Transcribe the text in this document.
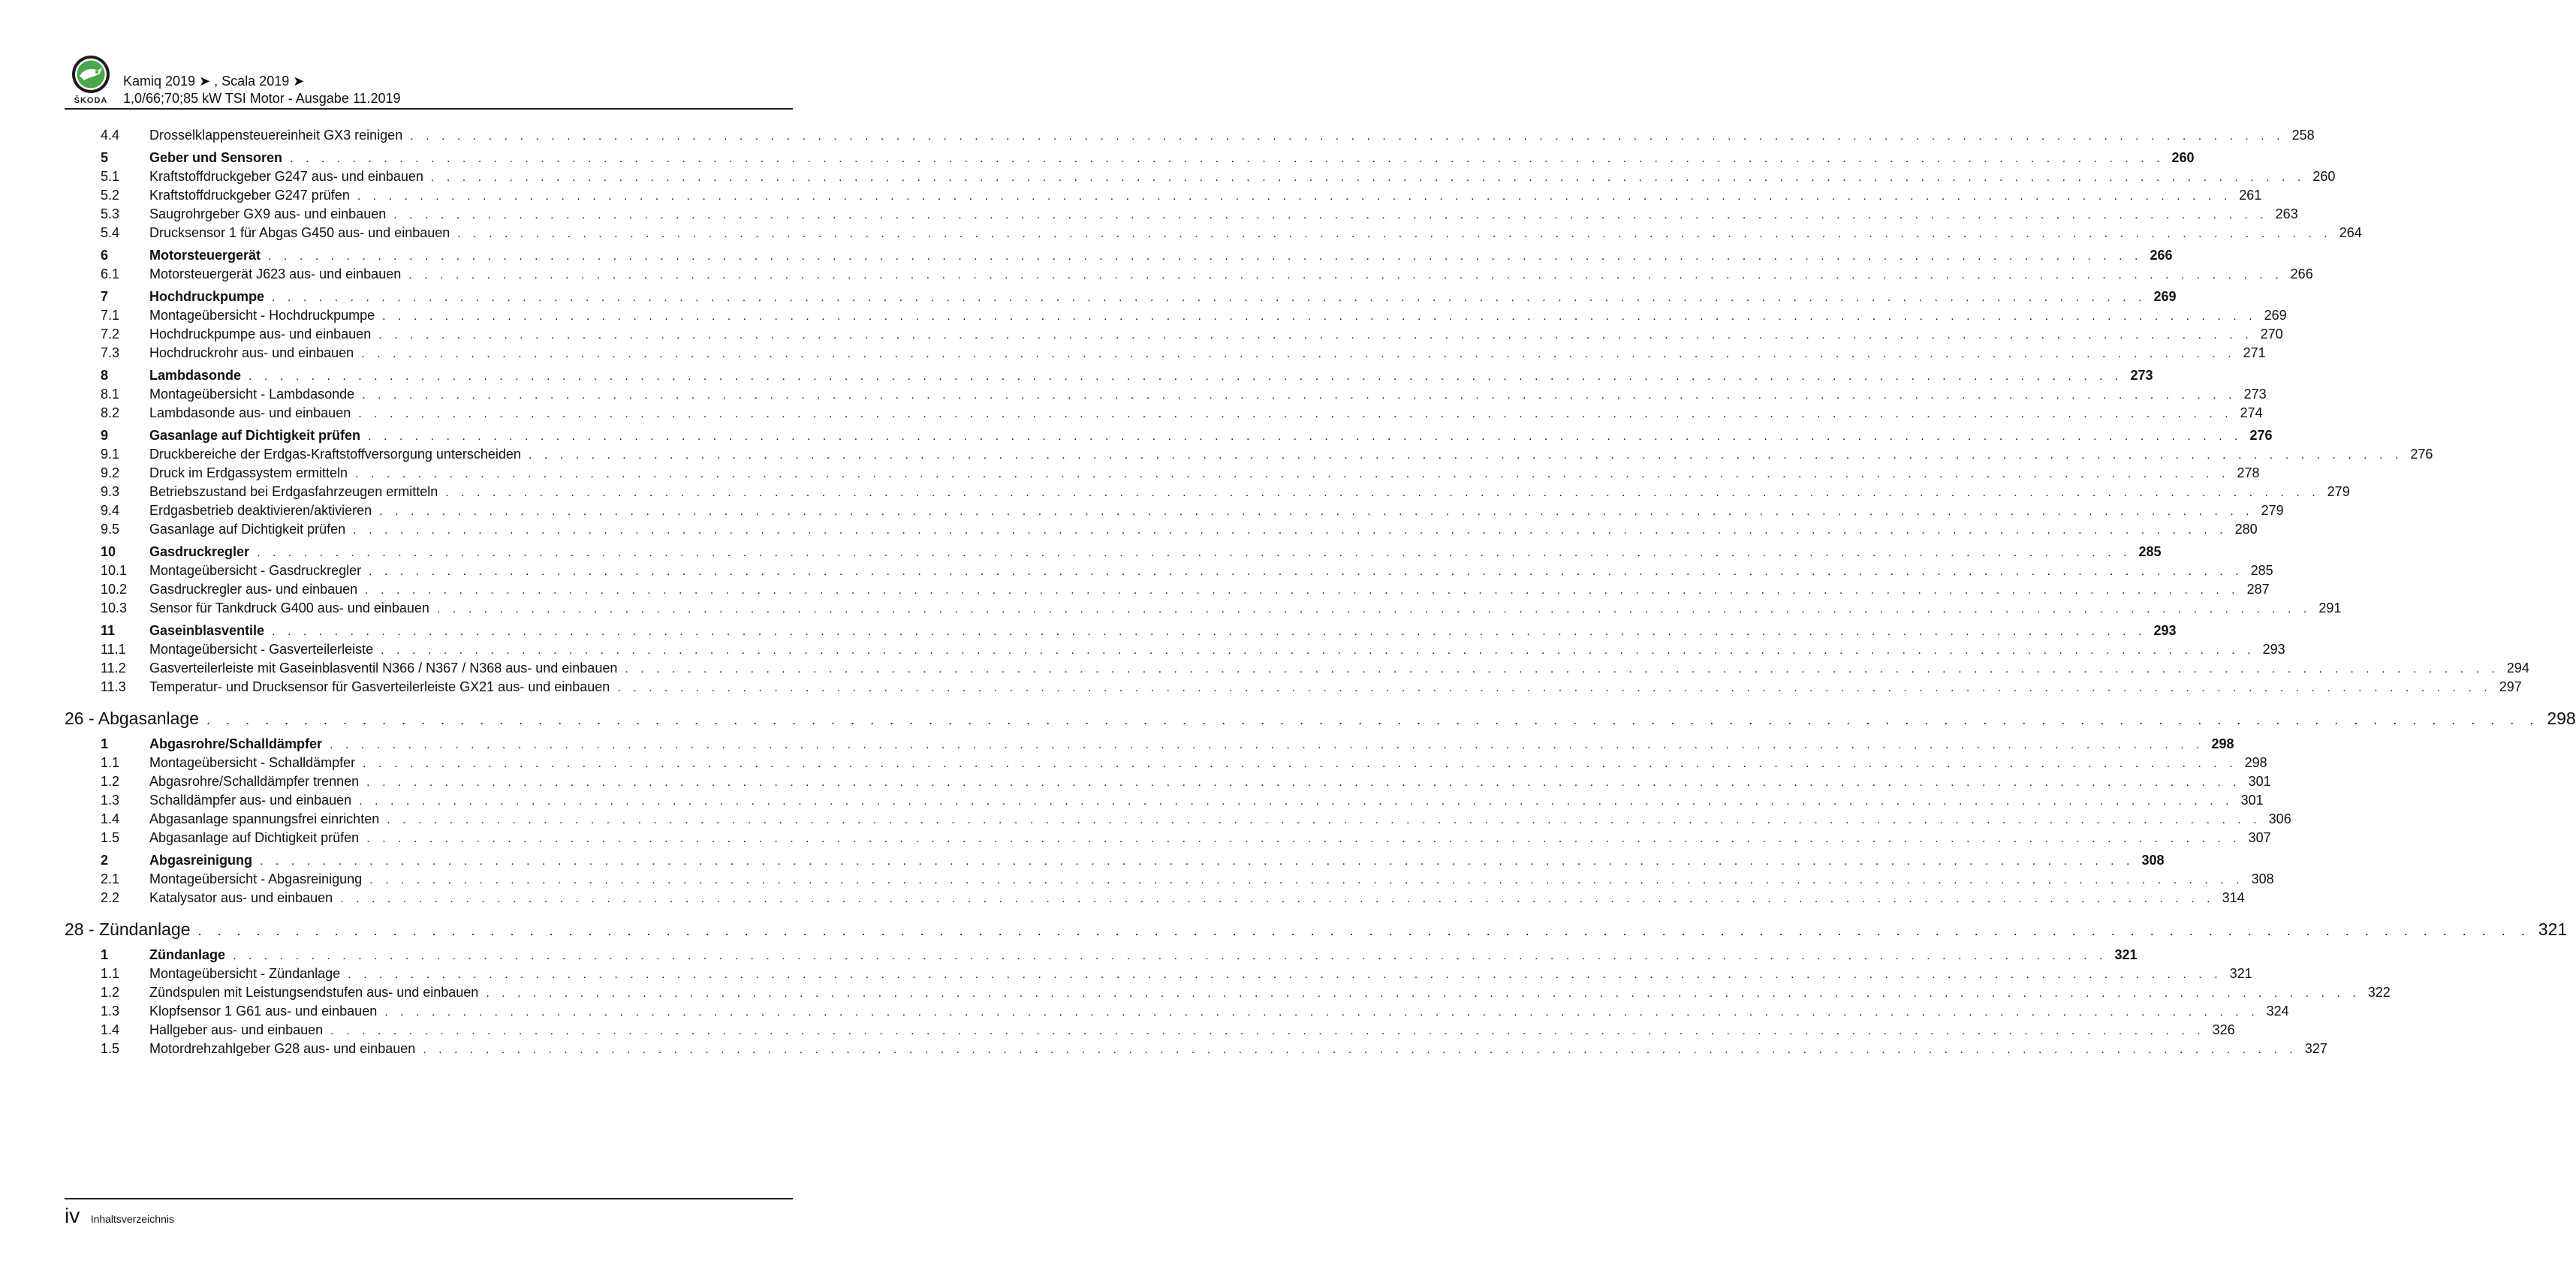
ŠKODA
Kamiq 2019 ➤ , Scala 2019 ➤
1,0/66;70;85 kW TSI Motor - Ausgabe 11.2019
4.4 Drosselklappensteuereinheit GX3 reinigen . . . . . . . . . . . . . . . . . . . . . . . . . . . . . . . . . . . . . . . . . . . . . . . . . . . . . . . . . . . . . . . . . . . . . . . . . . . . . . . . . . . . . . . . . . . . . . . . . . . . . . . . . . . . . . . . . . . . . . . . 258
5	Geber und Sensoren . . . . . . . . . . . . . . . . . . . . . . . . . . . . . . . . . . . . . . . . . . . . . . . . . . . . . . . . . . . . . . . . . . . . . . . . . . . . . . . . . . . . . . . . . . . . . . . . . . . . . . . . . . . . . . . . . . . . . . . . 260
5.1 Kraftstoffdruckgeber G247 aus- und einbauen . . . . . . . . . . . . . . . . . . . . . . . . . . . . . . . . . . . . . . . . . . . . . . . . . . . . . . . . . . . . . . . . . . . . . . . . . . . . . . . . . . . . . . . . . . . . . . . . . . . . . . . . . . . . . . . . . . . . . . . . 260
5.2 Kraftstoffdruckgeber G247 prüfen . . . . . . . . . . . . . . . . . . . . . . . . . . . . . . . . . . . . . . . . . . . . . . . . . . . . . . . . . . . . . . . . . . . . . . . . . . . . . . . . . . . . . . . . . . . . . . . . . . . . . . . . . . . . . . . . . . . . . . . . 261
5.3 Saugrohrgeber GX9 aus- und einbauen . . . . . . . . . . . . . . . . . . . . . . . . . . . . . . . . . . . . . . . . . . . . . . . . . . . . . . . . . . . . . . . . . . . . . . . . . . . . . . . . . . . . . . . . . . . . . . . . . . . . . . . . . . . . . . . . . . . . . . . . 263
5.4 Drucksensor 1 für Abgas G450 aus- und einbauen . . . . . . . . . . . . . . . . . . . . . . . . . . . . . . . . . . . . . . . . . . . . . . . . . . . . . . . . . . . . . . . . . . . . . . . . . . . . . . . . . . . . . . . . . . . . . . . . . . . . . . . . . . . . . . . . . . . . . . . . 264
6	Motorsteuergerät . . . . . . . . . . . . . . . . . . . . . . . . . . . . . . . . . . . . . . . . . . . . . . . . . . . . . . . . . . . . . . . . . . . . . . . . . . . . . . . . . . . . . . . . . . . . . . . . . . . . . . . . . . . . . . . . . . . . . . . . 266
6.1 Motorsteuergerät J623 aus- und einbauen . . . . . . . . . . . . . . . . . . . . . . . . . . . . . . . . . . . . . . . . . . . . . . . . . . . . . . . . . . . . . . . . . . . . . . . . . . . . . . . . . . . . . . . . . . . . . . . . . . . . . . . . . . . . . . . . . . . . . . . . 266
7	Hochdruckpumpe . . . . . . . . . . . . . . . . . . . . . . . . . . . . . . . . . . . . . . . . . . . . . . . . . . . . . . . . . . . . . . . . . . . . . . . . . . . . . . . . . . . . . . . . . . . . . . . . . . . . . . . . . . . . . . . . . . . . . . . . 269
7.1 Montageübersicht - Hochdruckpumpe . . . . . . . . . . . . . . . . . . . . . . . . . . . . . . . . . . . . . . . . . . . . . . . . . . . . . . . . . . . . . . . . . . . . . . . . . . . . . . . . . . . . . . . . . . . . . . . . . . . . . . . . . . . . . . . . . . . . . . . . 269
7.2 Hochdruckpumpe aus- und einbauen . . . . . . . . . . . . . . . . . . . . . . . . . . . . . . . . . . . . . . . . . . . . . . . . . . . . . . . . . . . . . . . . . . . . . . . . . . . . . . . . . . . . . . . . . . . . . . . . . . . . . . . . . . . . . . . . . . . . . . . . 270
7.3 Hochdruckrohr aus- und einbauen . . . . . . . . . . . . . . . . . . . . . . . . . . . . . . . . . . . . . . . . . . . . . . . . . . . . . . . . . . . . . . . . . . . . . . . . . . . . . . . . . . . . . . . . . . . . . . . . . . . . . . . . . . . . . . . . . . . . . . . . 271
8	Lambdasonde . . . . . . . . . . . . . . . . . . . . . . . . . . . . . . . . . . . . . . . . . . . . . . . . . . . . . . . . . . . . . . . . . . . . . . . . . . . . . . . . . . . . . . . . . . . . . . . . . . . . . . . . . . . . . . . . . . . . . . . . 273
8.1 Montageübersicht - Lambdasonde . . . . . . . . . . . . . . . . . . . . . . . . . . . . . . . . . . . . . . . . . . . . . . . . . . . . . . . . . . . . . . . . . . . . . . . . . . . . . . . . . . . . . . . . . . . . . . . . . . . . . . . . . . . . . . . . . . . . . . . . 273
8.2 Lambdasonde aus- und einbauen . . . . . . . . . . . . . . . . . . . . . . . . . . . . . . . . . . . . . . . . . . . . . . . . . . . . . . . . . . . . . . . . . . . . . . . . . . . . . . . . . . . . . . . . . . . . . . . . . . . . . . . . . . . . . . . . . . . . . . . . 274
9	Gasanlage auf Dichtigkeit prüfen . . . . . . . . . . . . . . . . . . . . . . . . . . . . . . . . . . . . . . . . . . . . . . . . . . . . . . . . . . . . . . . . . . . . . . . . . . . . . . . . . . . . . . . . . . . . . . . . . . . . . . . . . . . . . . . . . . . . . . . . 276
9.1 Druckbereiche der Erdgas-Kraftstoffversorgung unterscheiden . . . . . . . . . . . . . . . . . . . . . . . . . . . . . . . . . . . . . . . . . . . . . . . . . . . . . . . . . . . . . . . . . . . . . . . . . . . . . . . . . . . . . . . . . . . . . . . . . . . . . . . . . . . . . . . . . . . . . . . . 276
9.2 Druck im Erdgassystem ermitteln . . . . . . . . . . . . . . . . . . . . . . . . . . . . . . . . . . . . . . . . . . . . . . . . . . . . . . . . . . . . . . . . . . . . . . . . . . . . . . . . . . . . . . . . . . . . . . . . . . . . . . . . . . . . . . . . . . . . . . . . 278
9.3 Betriebszustand bei Erdgasfahrzeugen ermitteln . . . . . . . . . . . . . . . . . . . . . . . . . . . . . . . . . . . . . . . . . . . . . . . . . . . . . . . . . . . . . . . . . . . . . . . . . . . . . . . . . . . . . . . . . . . . . . . . . . . . . . . . . . . . . . . . . . . . . . . . 279
9.4 Erdgasbetrieb deaktivieren/aktivieren . . . . . . . . . . . . . . . . . . . . . . . . . . . . . . . . . . . . . . . . . . . . . . . . . . . . . . . . . . . . . . . . . . . . . . . . . . . . . . . . . . . . . . . . . . . . . . . . . . . . . . . . . . . . . . . . . . . . . . . . 279
9.5 Gasanlage auf Dichtigkeit prüfen . . . . . . . . . . . . . . . . . . . . . . . . . . . . . . . . . . . . . . . . . . . . . . . . . . . . . . . . . . . . . . . . . . . . . . . . . . . . . . . . . . . . . . . . . . . . . . . . . . . . . . . . . . . . . . . . . . . . . . . . 280
10 Gasdruckregler . . . . . . . . . . . . . . . . . . . . . . . . . . . . . . . . . . . . . . . . . . . . . . . . . . . . . . . . . . . . . . . . . . . . . . . . . . . . . . . . . . . . . . . . . . . . . . . . . . . . . . . . . . . . . . . . . . . . . . . . 285
10.1 Montageübersicht - Gasdruckregler . . . . . . . . . . . . . . . . . . . . . . . . . . . . . . . . . . . . . . . . . . . . . . . . . . . . . . . . . . . . . . . . . . . . . . . . . . . . . . . . . . . . . . . . . . . . . . . . . . . . . . . . . . . . . . . . . . . . . . . . 285
10.2 Gasdruckregler aus- und einbauen . . . . . . . . . . . . . . . . . . . . . . . . . . . . . . . . . . . . . . . . . . . . . . . . . . . . . . . . . . . . . . . . . . . . . . . . . . . . . . . . . . . . . . . . . . . . . . . . . . . . . . . . . . . . . . . . . . . . . . . . 287
10.3 Sensor für Tankdruck G400 aus- und einbauen . . . . . . . . . . . . . . . . . . . . . . . . . . . . . . . . . . . . . . . . . . . . . . . . . . . . . . . . . . . . . . . . . . . . . . . . . . . . . . . . . . . . . . . . . . . . . . . . . . . . . . . . . . . . . . . . . . . . . . . . 291
11	Gaseinblasventile . . . . . . . . . . . . . . . . . . . . . . . . . . . . . . . . . . . . . . . . . . . . . . . . . . . . . . . . . . . . . . . . . . . . . . . . . . . . . . . . . . . . . . . . . . . . . . . . . . . . . . . . . . . . . . . . . . . . . . . . 293
11.1 Montageübersicht - Gasverteilerleiste . . . . . . . . . . . . . . . . . . . . . . . . . . . . . . . . . . . . . . . . . . . . . . . . . . . . . . . . . . . . . . . . . . . . . . . . . . . . . . . . . . . . . . . . . . . . . . . . . . . . . . . . . . . . . . . . . . . . . . . . 293
11.2 Gasverteilerleiste mit Gaseinblasventil N366 / N367 / N368 aus- und einbauen . . . . . . . . . . . . . . . . . . . . . . . . . . . . . . . . . . . . . . . . . . . . . . . . . . . . . . . . . . . . . . . . . . . . . . . . . . . . . . . . . . . . . . . . . . . . . . . . . . . . . . . . . . . . . . . . . . . . . . . . 294
11.3 Temperatur- und Drucksensor für Gasverteilerleiste GX21 aus- und einbauen . . . . . . . . . . . . . . . . . . . . . . . . . . . . . . . . . . . . . . . . . . . . . . . . . . . . . . . . . . . . . . . . . . . . . . . . . . . . . . . . . . . . . . . . . . . . . . . . . . . . . . . . . . . . . . . . . . . . . . . . 297
26 - Abgasanlage . . . . . . . . . . . . . . . . . . . . . . . . . . . . . . . . . . . . . . . . . . . . . . . . . . . . . . . . . . . . . . . . . . . . . . . . . . . . . . . . . . . . . . . . . . . . . . . . . . . . . . . . . . . . . . . . . . . . . . . . 298
1	Abgasrohre/Schalldämpfer . . . . . . . . . . . . . . . . . . . . . . . . . . . . . . . . . . . . . . . . . . . . . . . . . . . . . . . . . . . . . . . . . . . . . . . . . . . . . . . . . . . . . . . . . . . . . . . . . . . . . . . . . . . . . . . . . . . . . . . . 298
1.1 Montageübersicht - Schalldämpfer . . . . . . . . . . . . . . . . . . . . . . . . . . . . . . . . . . . . . . . . . . . . . . . . . . . . . . . . . . . . . . . . . . . . . . . . . . . . . . . . . . . . . . . . . . . . . . . . . . . . . . . . . . . . . . . . . . . . . . . . 298
1.2 Abgasrohre/Schalldämpfer trennen . . . . . . . . . . . . . . . . . . . . . . . . . . . . . . . . . . . . . . . . . . . . . . . . . . . . . . . . . . . . . . . . . . . . . . . . . . . . . . . . . . . . . . . . . . . . . . . . . . . . . . . . . . . . . . . . . . . . . . . . 301
1.3 Schalldämpfer aus- und einbauen . . . . . . . . . . . . . . . . . . . . . . . . . . . . . . . . . . . . . . . . . . . . . . . . . . . . . . . . . . . . . . . . . . . . . . . . . . . . . . . . . . . . . . . . . . . . . . . . . . . . . . . . . . . . . . . . . . . . . . . . 301
1.4 Abgasanlage spannungsfrei einrichten . . . . . . . . . . . . . . . . . . . . . . . . . . . . . . . . . . . . . . . . . . . . . . . . . . . . . . . . . . . . . . . . . . . . . . . . . . . . . . . . . . . . . . . . . . . . . . . . . . . . . . . . . . . . . . . . . . . . . . . . 306
1.5 Abgasanlage auf Dichtigkeit prüfen . . . . . . . . . . . . . . . . . . . . . . . . . . . . . . . . . . . . . . . . . . . . . . . . . . . . . . . . . . . . . . . . . . . . . . . . . . . . . . . . . . . . . . . . . . . . . . . . . . . . . . . . . . . . . . . . . . . . . . . . 307
2	Abgasreinigung . . . . . . . . . . . . . . . . . . . . . . . . . . . . . . . . . . . . . . . . . . . . . . . . . . . . . . . . . . . . . . . . . . . . . . . . . . . . . . . . . . . . . . . . . . . . . . . . . . . . . . . . . . . . . . . . . . . . . . . . 308
2.1 Montageübersicht - Abgasreinigung . . . . . . . . . . . . . . . . . . . . . . . . . . . . . . . . . . . . . . . . . . . . . . . . . . . . . . . . . . . . . . . . . . . . . . . . . . . . . . . . . . . . . . . . . . . . . . . . . . . . . . . . . . . . . . . . . . . . . . . . 308
2.2 Katalysator aus- und einbauen . . . . . . . . . . . . . . . . . . . . . . . . . . . . . . . . . . . . . . . . . . . . . . . . . . . . . . . . . . . . . . . . . . . . . . . . . . . . . . . . . . . . . . . . . . . . . . . . . . . . . . . . . . . . . . . . . . . . . . . . 314
28 - Zündanlage . . . . . . . . . . . . . . . . . . . . . . . . . . . . . . . . . . . . . . . . . . . . . . . . . . . . . . . . . . . . . . . . . . . . . . . . . . . . . . . . . . . . . . . . . . . . . . . . . . . . . . . . . . . . . . . . . . . . . . . . 321
1	Zündanlage . . . . . . . . . . . . . . . . . . . . . . . . . . . . . . . . . . . . . . . . . . . . . . . . . . . . . . . . . . . . . . . . . . . . . . . . . . . . . . . . . . . . . . . . . . . . . . . . . . . . . . . . . . . . . . . . . . . . . . . . 321
1.1 Montageübersicht - Zündanlage . . . . . . . . . . . . . . . . . . . . . . . . . . . . . . . . . . . . . . . . . . . . . . . . . . . . . . . . . . . . . . . . . . . . . . . . . . . . . . . . . . . . . . . . . . . . . . . . . . . . . . . . . . . . . . . . . . . . . . . . 321
1.2 Zündspulen mit Leistungsendstufen aus- und einbauen . . . . . . . . . . . . . . . . . . . . . . . . . . . . . . . . . . . . . . . . . . . . . . . . . . . . . . . . . . . . . . . . . . . . . . . . . . . . . . . . . . . . . . . . . . . . . . . . . . . . . . . . . . . . . . . . . . . . . . . . 322
1.3 Klopfsensor 1 G61 aus- und einbauen . . . . . . . . . . . . . . . . . . . . . . . . . . . . . . . . . . . . . . . . . . . . . . . . . . . . . . . . . . . . . . . . . . . . . . . . . . . . . . . . . . . . . . . . . . . . . . . . . . . . . . . . . . . . . . . . . . . . . . . . 324
1.4 Hallgeber aus- und einbauen . . . . . . . . . . . . . . . . . . . . . . . . . . . . . . . . . . . . . . . . . . . . . . . . . . . . . . . . . . . . . . . . . . . . . . . . . . . . . . . . . . . . . . . . . . . . . . . . . . . . . . . . . . . . . . . . . . . . . . . . 326
1.5 Motordrehzahlgeber G28 aus- und einbauen . . . . . . . . . . . . . . . . . . . . . . . . . . . . . . . . . . . . . . . . . . . . . . . . . . . . . . . . . . . . . . . . . . . . . . . . . . . . . . . . . . . . . . . . . . . . . . . . . . . . . . . . . . . . . . . . . . . . . . . . 327
iv Inhaltsverzeichnis
